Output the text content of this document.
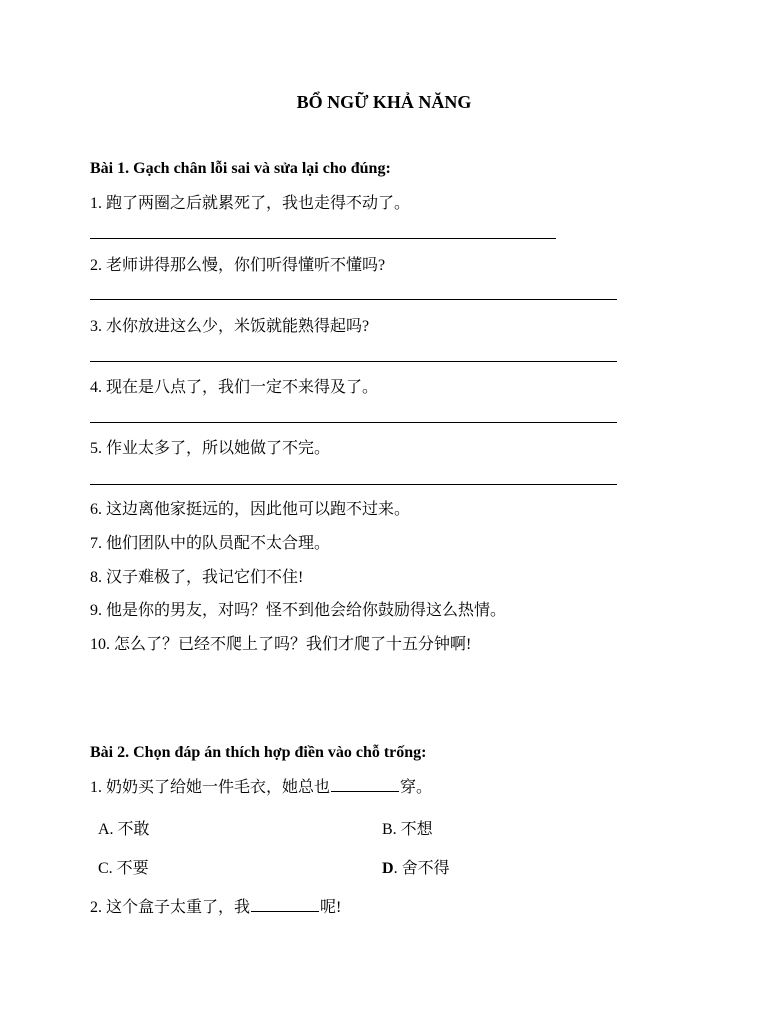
BỔ NGỮ KHẢ NĂNG
Bài 1. Gạch chân lỗi sai và sửa lại cho đúng:
1. 跑了两圈之后就累死了，我也走得不动了。
2. 老师讲得那么慢，你们听得懂听不懂吗?
3. 水你放进这么少，米饭就能熟得起吗?
4. 现在是八点了，我们一定不来得及了。
5. 作业太多了，所以她做了不完。
6. 这边离他家挺远的，因此他可以跑不过来。
7. 他们团队中的队员配不太合理。
8. 汉子难极了，我记它们不住!
9. 他是你的男友，对吗？怪不到他会给你鼓励得这么热情。
10. 怎么了？已经不爬上了吗？我们才爬了十五分钟啊!
Bài 2. Chọn đáp án thích hợp điền vào chỗ trống:
1. 奶奶买了给她一件毛衣，她总也	穿。
A. 不敢	B. 不想
C. 不要	D. 舍不得
2. 这个盒子太重了，我	呢!
